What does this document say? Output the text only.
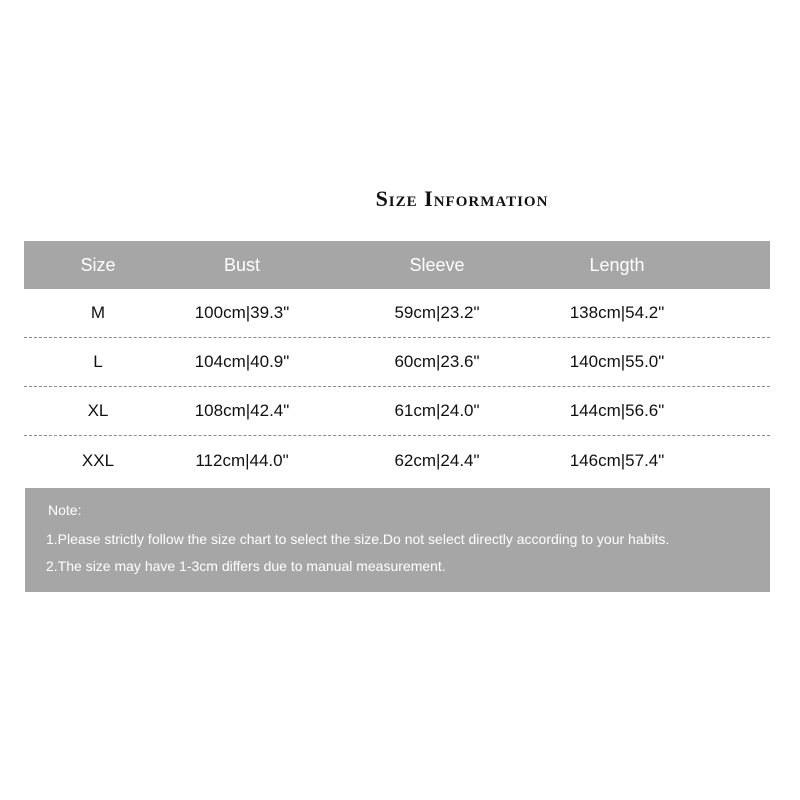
Size Information
Size	Bust	Sleeve	Length
M	100cm|39.3"	59cm|23.2"	138cm|54.2"
L	104cm|40.9"	60cm|23.6"	140cm|55.0"
XL	108cm|42.4"	61cm|24.0"	144cm|56.6"
XXL	112cm|44.0"	62cm|24.4"	146cm|57.4"
Note:
1.Please strictly follow the size chart to select the size.Do not select directly according to your habits.
2.The size may have 1-3cm differs due to manual measurement.
